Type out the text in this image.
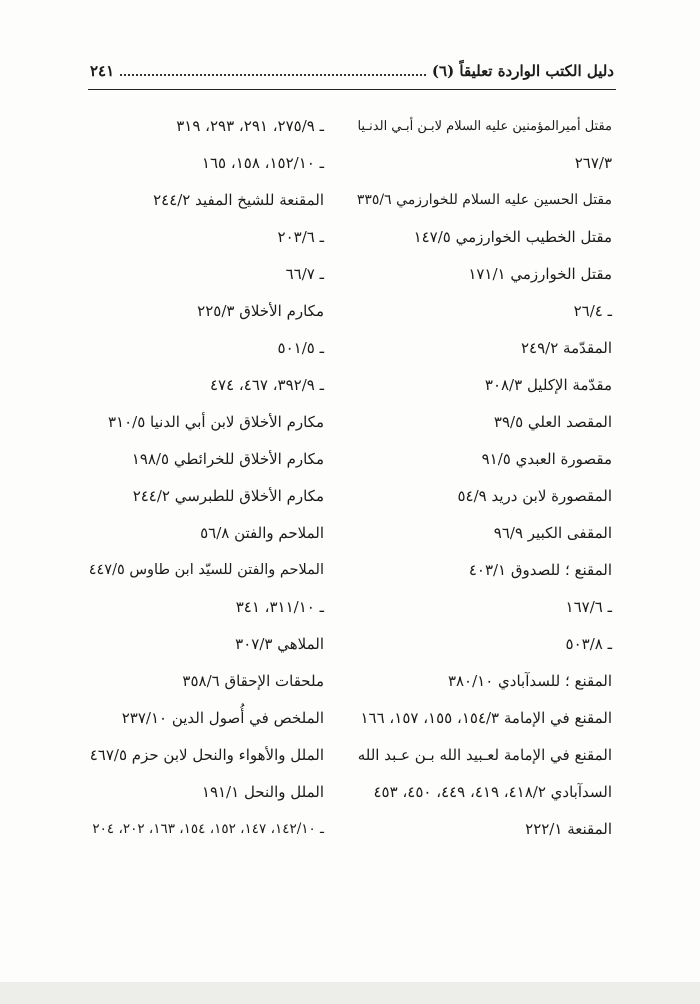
دليل الكتب الواردة تعليقاً (٦)
٢٤١
مقتل أميرالمؤمنين عليه السلام لابـن أبـي الدنـيا
٢٦٧/٣
مقتل الحسين عليه السلام للخوارزمي ٣٣٥/٦
مقتل الخطيب الخوارزمي ١٤٧/٥
مقتل الخوارزمي ١٧١/١
ـ ٢٦/٤
المقدّمة ٢٤٩/٢
مقدّمة الإكليل ٣٠٨/٣
المقصد العلي ٣٩/٥
مقصورة العبدي ٩١/٥
المقصورة لابن دريد ٥٤/٩
المقفى الكبير ٩٦/٩
المقنع ؛ للصدوق ٤٠٣/١
ـ ١٦٧/٦
ـ ٥٠٣/٨
المقنع ؛ للسدآبادي ٣٨٠/١٠
المقنع في الإمامة ١٥٤/٣، ١٥٥، ١٥٧، ١٦٦
المقنع في الإمامة لعـبيد الله بـن عـبد الله
السدآبادي ٤١٨/٢، ٤١٩، ٤٤٩، ٤٥٠، ٤٥٣
المقنعة ٢٢٢/١
ـ ٢٧٥/٩، ٢٩١، ٢٩٣، ٣١٩
ـ ١٥٢/١٠، ١٥٨، ١٦٥
المقنعة للشيخ المفيد ٢٤٤/٢
ـ ٢٠٣/٦
ـ ٦٦/٧
مكارم الأخلاق ٢٢٥/٣
ـ ٥٠١/٥
ـ ٣٩٢/٩، ٤٦٧، ٤٧٤
مكارم الأخلاق لابن أبي الدنيا ٣١٠/٥
مكارم الأخلاق للخرائطي ١٩٨/٥
مكارم الأخلاق للطبرسي ٢٤٤/٢
الملاحم والفتن ٥٦/٨
الملاحم والفتن للسيّد ابن طاوس ٤٤٧/٥
ـ ٣١١/١٠، ٣٤١
الملاهي ٣٠٧/٣
ملحقات الإحقاق ٣٥٨/٦
الملخص في أُصول الدين ٢٣٧/١٠
الملل والأهواء والنحل لابن حزم ٤٦٧/٥
الملل والنحل ١٩١/١
ـ ١٤٢/١٠، ١٤٧، ١٥٢، ١٥٤، ١٦٣، ٢٠٢، ٢٠٤
